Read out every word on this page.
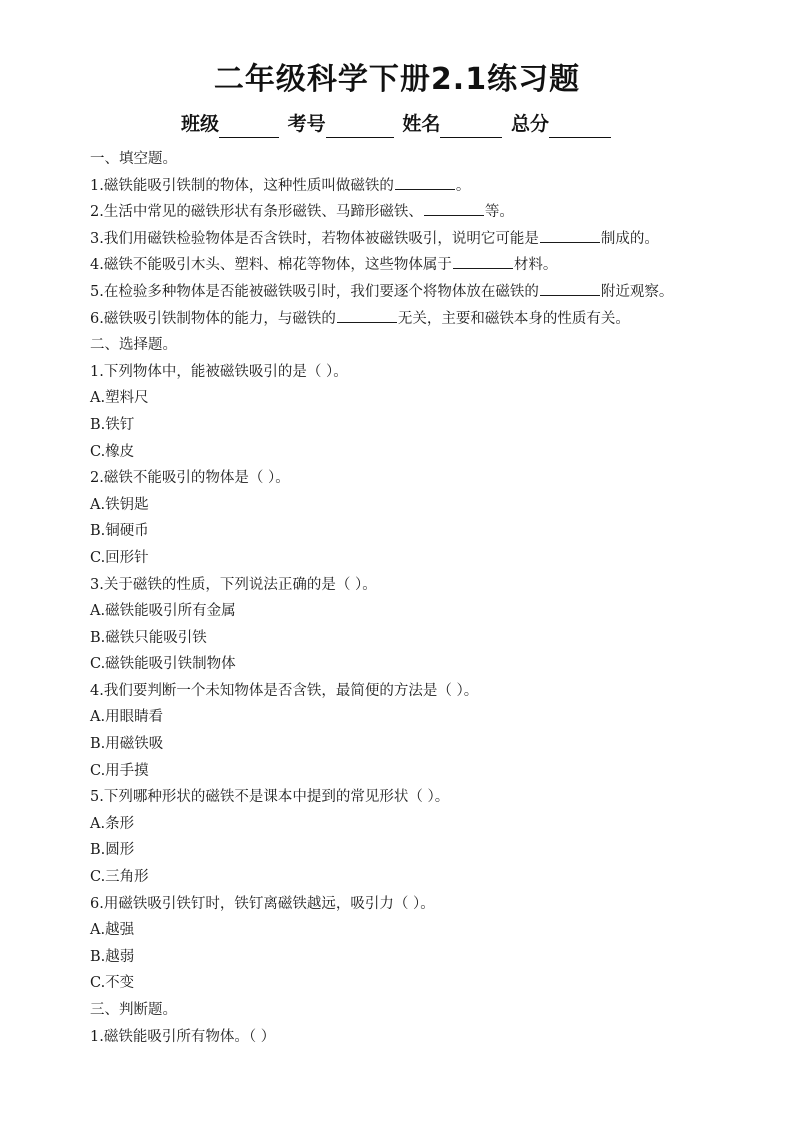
二年级科学下册2.1练习题
班级	考号	姓名	总分
一、填空题。
1.磁铁能吸引铁制的物体，这种性质叫做磁铁的	。
2.生活中常见的磁铁形状有条形磁铁、马蹄形磁铁、	等。
3.我们用磁铁检验物体是否含铁时，若物体被磁铁吸引，说明它可能是	制成的。
4.磁铁不能吸引木头、塑料、棉花等物体，这些物体属于	材料。
5.在检验多种物体是否能被磁铁吸引时，我们要逐个将物体放在磁铁的	附近观察。
6.磁铁吸引铁制物体的能力，与磁铁的	无关，主要和磁铁本身的性质有关。
二、选择题。
1.下列物体中，能被磁铁吸引的是（ ）。
A.塑料尺
B.铁钉
C.橡皮
2.磁铁不能吸引的物体是（ ）。
A.铁钥匙
B.铜硬币
C.回形针
3.关于磁铁的性质，下列说法正确的是（ ）。
A.磁铁能吸引所有金属
B.磁铁只能吸引铁
C.磁铁能吸引铁制物体
4.我们要判断一个未知物体是否含铁，最简便的方法是（ ）。
A.用眼睛看
B.用磁铁吸
C.用手摸
5.下列哪种形状的磁铁不是课本中提到的常见形状（ ）。
A.条形
B.圆形
C.三角形
6.用磁铁吸引铁钉时，铁钉离磁铁越远，吸引力（ ）。
A.越强
B.越弱
C.不变
三、判断题。
1.磁铁能吸引所有物体。（ ）
